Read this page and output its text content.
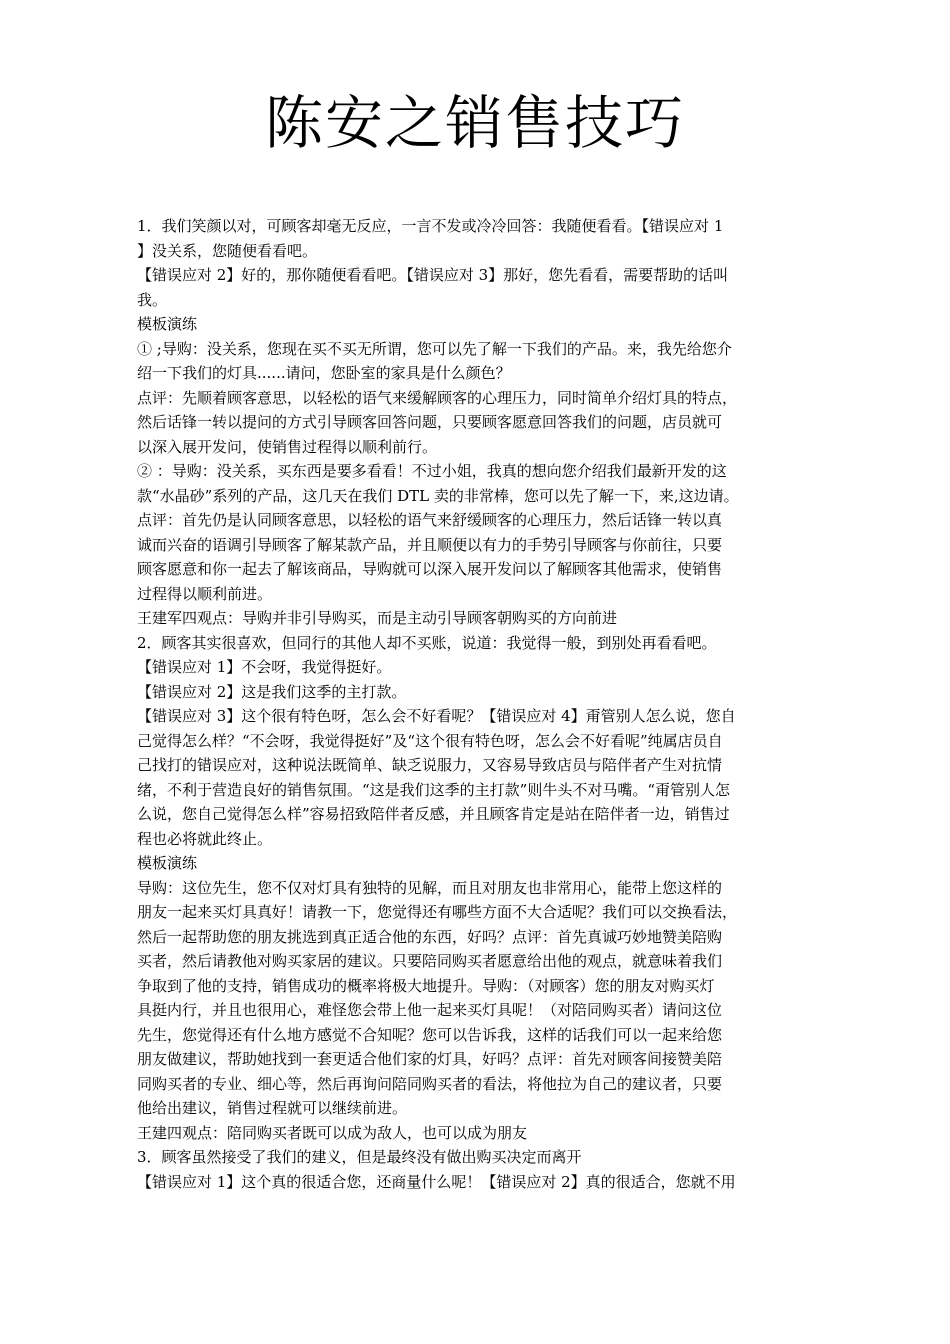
陈安之销售技巧
1．我们笑颜以对，可顾客却毫无反应，一言不发或冷冷回答：我随便看看。【错误应对 1
】没关系，您随便看看吧。
【错误应对 2】好的，那你随便看看吧。【错误应对 3】那好，您先看看，需要帮助的话叫
我。
模板演练
① ;导购：没关系，您现在买不买无所谓，您可以先了解一下我们的产品。来，我先给您介
绍一下我们的灯具......请问，您卧室的家具是什么颜色？
点评：先顺着顾客意思，以轻松的语气来缓解顾客的心理压力，同时简单介绍灯具的特点，
然后话锋一转以提问的方式引导顾客回答问题，只要顾客愿意回答我们的问题，店员就可
以深入展开发问，使销售过程得以顺利前行。
② ：导购：没关系，买东西是要多看看！不过小姐，我真的想向您介绍我们最新开发的这
款“水晶砂”系列的产品，这几天在我们 DTL 卖的非常棒，您可以先了解一下，来,这边请。
点评：首先仍是认同顾客意思，以轻松的语气来舒缓顾客的心理压力，然后话锋一转以真
诚而兴奋的语调引导顾客了解某款产品，并且顺便以有力的手势引导顾客与你前往，只要
顾客愿意和你一起去了解该商品，导购就可以深入展开发问以了解顾客其他需求，使销售
过程得以顺利前进。
王建军四观点：导购并非引导购买，而是主动引导顾客朝购买的方向前进
2．顾客其实很喜欢，但同行的其他人却不买账，说道：我觉得一般，到别处再看看吧。
【错误应对 1】不会呀，我觉得挺好。
【错误应对 2】这是我们这季的主打款。
【错误应对 3】这个很有特色呀，怎么会不好看呢？【错误应对 4】甭管别人怎么说，您自
己觉得怎么样？“不会呀，我觉得挺好”及“这个很有特色呀，怎么会不好看呢”纯属店员自
己找打的错误应对，这种说法既简单、缺乏说服力，又容易导致店员与陪伴者产生对抗情
绪，不利于营造良好的销售氛围。“这是我们这季的主打款”则牛头不对马嘴。“甭管别人怎
么说，您自己觉得怎么样”容易招致陪伴者反感，并且顾客肯定是站在陪伴者一边，销售过
程也必将就此终止。
模板演练
导购：这位先生，您不仅对灯具有独特的见解，而且对朋友也非常用心，能带上您这样的
朋友一起来买灯具真好！请教一下，您觉得还有哪些方面不大合适呢？我们可以交换看法，
然后一起帮助您的朋友挑选到真正适合他的东西，好吗？点评：首先真诚巧妙地赞美陪购
买者，然后请教他对购买家居的建议。只要陪同购买者愿意给出他的观点，就意味着我们
争取到了他的支持，销售成功的概率将极大地提升。导购：（对顾客）您的朋友对购买灯
具挺内行，并且也很用心，难怪您会带上他一起来买灯具呢！（对陪同购买者）请问这位
先生，您觉得还有什么地方感觉不合知呢？您可以告诉我，这样的话我们可以一起来给您
朋友做建议，帮助她找到一套更适合他们家的灯具，好吗？点评：首先对顾客间接赞美陪
同购买者的专业、细心等，然后再询问陪同购买者的看法，将他拉为自己的建议者，只要
他给出建议，销售过程就可以继续前进。
王建四观点：陪同购买者既可以成为敌人，也可以成为朋友
3．顾客虽然接受了我们的建义，但是最终没有做出购买决定而离开
【错误应对 1】这个真的很适合您，还商量什么呢！【错误应对 2】真的很适合，您就不用
